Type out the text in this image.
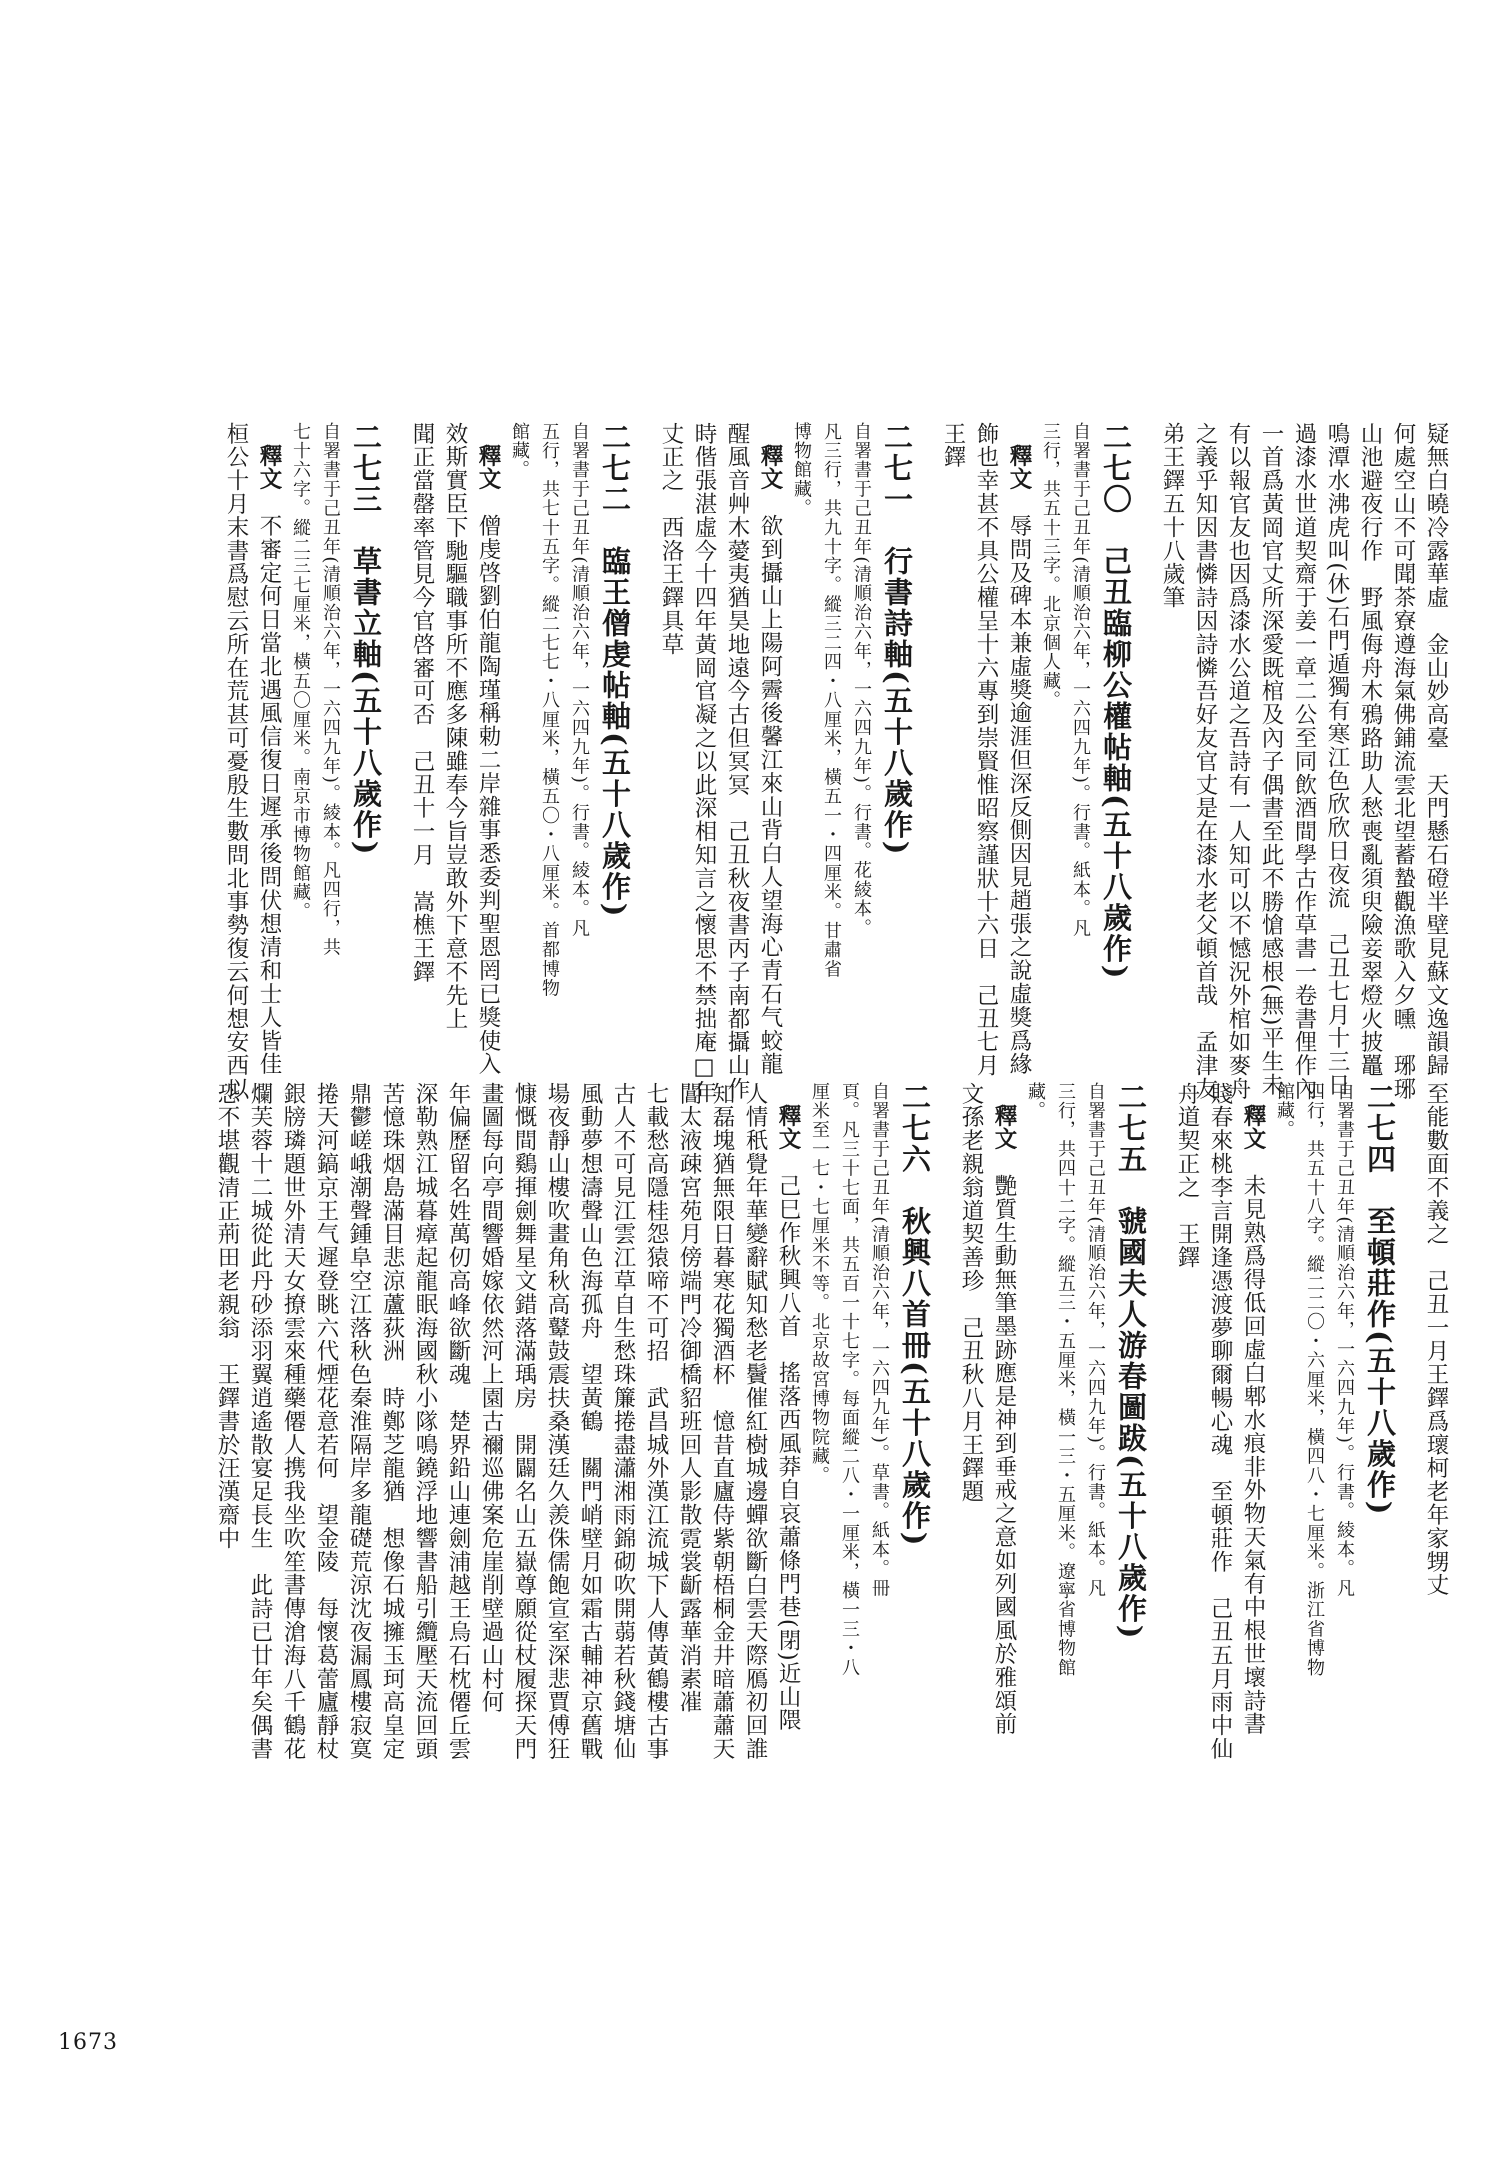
疑無白曉冷露華虛　金山妙高臺　天門懸石磴半壁見蘇文逸韻歸
何處空山不可聞茶寮遵海氣佛鋪流雲北望蓄蟄觀漁歌入夕曛　琊琊
山池避夜行作　野風侮舟木鴉路助人愁喪亂須臾險妾翠燈火披鼉
鳴潭水沸虎叫(休)石門遁獨有寒江色欣欣日夜流　己丑七月十三日
過漆水世道契齋于姜一章二公至同飲酒間學古作草書一卷書俚作內
一首爲黃岡官丈所深愛既棺及內子偶書至此不勝愴感根(無)平生未
有以報官友也因爲漆水公道之吾詩有一人知可以不憾況外棺如麥舟
之義乎知因書憐詩因詩憐吾好友官丈是在漆水老父頓首哉　孟津友
弟王鐸五十八歲筆
二七〇　己丑臨柳公權帖軸(五十八歲作)
自署書于己丑年(清順治六年，一六四九年)。行書。紙本。凡
三行，共五十三字。北京個人藏。
釋文　辱問及碑本兼虛獎逾涯但深反側因見趙張之說虛獎爲緣
飾也幸甚不具公權呈十六專到崇賢惟昭察謹狀十六日　己丑七月
王鐸
二七一　行書詩軸(五十八歲作)
自署書于己丑年(清順治六年，一六四九年)。行書。花綾本。
凡三行，共九十字。縱三二四・八厘米，橫五一・四厘米。甘肅省
博物館藏。
釋文　欲到攝山上陽阿霽後馨江來山背白人望海心青石气蛟龍
醒風音艸木薆夷猶昊地遠今古但冥冥　己丑秋夜書丙子南都攝山作
時偕張湛虛今十四年黃岡官凝之以此深相知言之懷思不禁拙庵□年
丈正之　西洛王鐸具草
二七二　臨王僧虔帖軸(五十八歲作)
自署書于己丑年(清順治六年，一六四九年)。行書。綾本。凡
五行，共七十五字。縱二七七・八厘米，橫五〇・八厘米。首都博物
館藏。
釋文　僧虔啓劉伯龍陶瑾稱勅二岸雜事悉委判聖恩罔已獎使入
效斯實臣下馳驅職事所不應多陳雖奉今旨豈敢外下意不先上
聞正當罄率管見今官啓審可否　己丑十一月　嵩樵王鐸
二七三　草書立軸(五十八歲作)
自署書于己丑年(清順治六年，一六四九年)。綾本。凡四行，共
七十六字。縱二三七厘米，橫五〇厘米。南京市博物館藏。
釋文　不審定何日當北遇風信復日遲承後問伏想清和士人皆佳
桓公十月末書爲慰云所在荒甚可憂殷生數問北事勢復云何想安西以
至能數面不義之　己丑一月王鐸爲瓌柯老年家甥丈
二七四　至頓莊作(五十八歲作)
自署書于己丑年(清順治六年，一六四九年)。行書。綾本。凡
四行，共五十八字。縱二二〇・六厘米，橫四八・七厘米。浙江省博物
館藏。
釋文　未見熟爲得低回虛白郫水痕非外物天氣有中根世壞詩書
賤春來桃李言開逢憑渡夢聊爾暢心魂　至頓莊作　己丑五月雨中仙
舟道契正之　王鐸
二七五　虢國夫人游春圖跋(五十八歲作)
自署書于己丑年(清順治六年，一六四九年)。行書。紙本。凡
三行，共四十二字。縱五三・五厘米，橫一三・五厘米。遼寧省博物館
藏。
釋文　艷質生動無筆墨跡應是神到垂戒之意如列國風於雅頌前
文孫老親翁道契善珍　己丑秋八月王鐸題
二七六　秋興八首冊(五十八歲作)
自署書于己丑年(清順治六年，一六四九年)。草書。紙本。冊
頁。凡三十七面，共五百一十七字。每面縱二八・一厘米，橫一三・八
厘米至一七・七厘米不等。北京故宮博物院藏。
釋文　己巳作秋興八首　搖落西風莽自哀蕭條門巷(閉)近山隈
人情秖覺年華變辭賦知愁老鬢催紅樹城邊蟬欲斷白雲天際鴈初回誰
知磊塊猶無限日暮寒花獨酒杯　憶昔直廬侍紫朝梧桐金井暗蕭蕭天
閶太液疎宮苑月傍端門冷御橋貂班回人影散霓裳齗露華消素凗
七載愁高隱桂怨猿啼不可招　武昌城外漢江流城下人傳黃鶴樓古事
古人不可見江雲江草自生愁珠簾捲盡瀟湘雨錦砌吹開蒻若秋錢塘仙
風動夢想濤聲山色海孤舟　望黃鶴　關門峭壁月如霜古輔神京舊戰
場夜靜山樓吹畫角秋高鼙鼓震扶桑漢廷久羨侏儒飽宣室深悲賈傅狂
慷慨間鷄揮劍舞星文錯落滿瑀房　開闢名山五嶽尊願從杖履探天門
畫圖每向亭間響婚嫁依然河上園古禰巡佛案危崖削壁過山村何
年偏歷留名姓萬仞高峰欲斷魂　楚界鉛山連劍浦越王烏石枕僊丘雲
深勒熟江城暮瘴起龍眠海國秋小隊鳴鐃浮地響書船引纜壓天流回頭
苦憶珠烟島滿目悲涼蘆荻洲　時鄭芝龍猶　想像石城擁玉珂高皇定
鼎鬱嵯峨潮聲鍾阜空江落秋色秦淮隔岸多龍礎荒涼沈夜漏鳳樓寂寞
捲天河鎬京王气遲登眺六代煙花意若何　望金陵　每懷葛蕾廬靜杖
銀牓璘題世外清天女撩雲來種藥僊人携我坐吹笙書傳滄海八千鶴花
爛芙蓉十二城從此丹砂添羽翼逍遙散宴足長生　此詩已廿年矣偶書
恐不堪觀清正荊田老親翁　王鐸書於汪漢齋中
1673
